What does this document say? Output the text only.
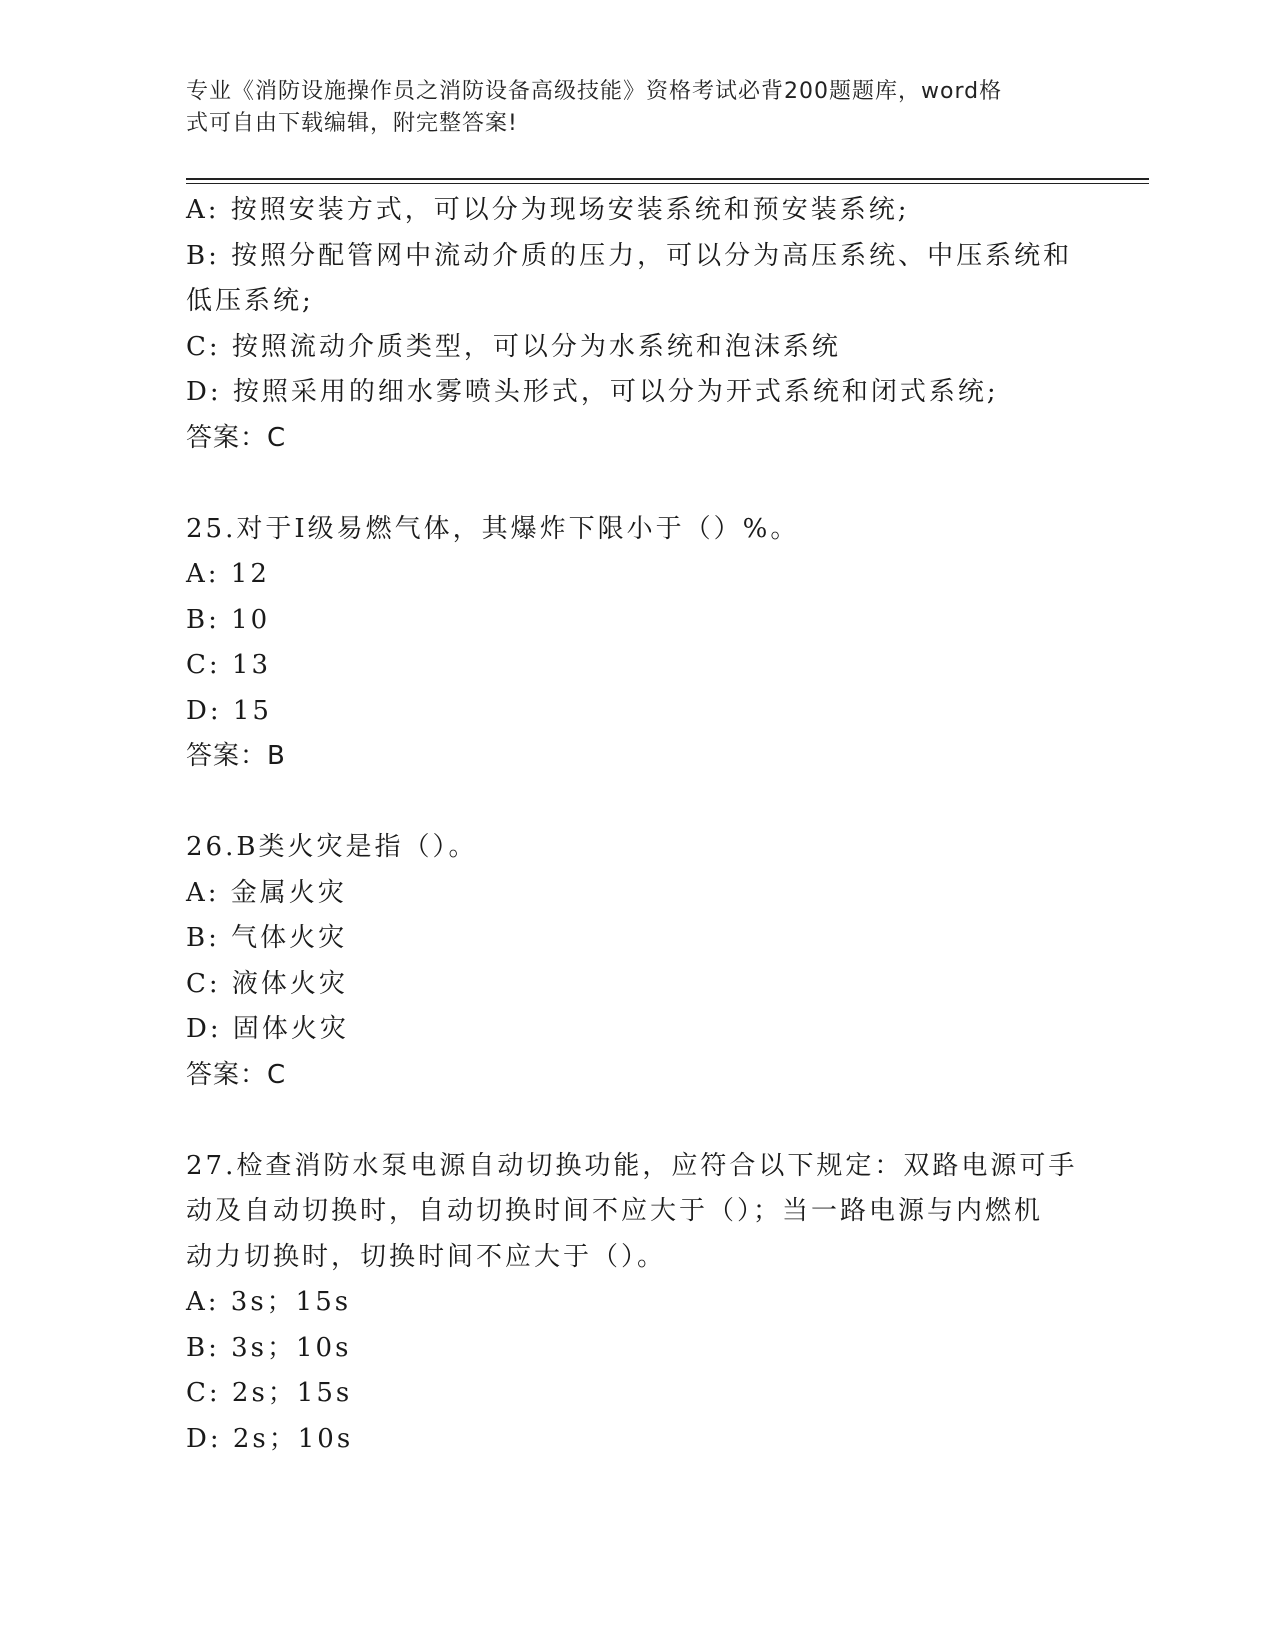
专业《消防设施操作员之消防设备高级技能》资格考试必背200题题库，word格
式可自由下载编辑，附完整答案!
A: 按照安装方式，可以分为现场安装系统和预安装系统;
B: 按照分配管网中流动介质的压力，可以分为高压系统、中压系统和
低压系统;
C: 按照流动介质类型，可以分为水系统和泡沫系统
D: 按照采用的细水雾喷头形式，可以分为开式系统和闭式系统;
答案：C
25.对于Ⅰ级易燃气体，其爆炸下限小于（）%。
A: 12
B: 10
C: 13
D: 15
答案：B
26.B类火灾是指（）。
A: 金属火灾
B: 气体火灾
C: 液体火灾
D: 固体火灾
答案：C
27.检查消防水泵电源自动切换功能，应符合以下规定：双路电源可手
动及自动切换时，自动切换时间不应大于（）；当一路电源与内燃机
动力切换时，切换时间不应大于（）。
A: 3s；15s
B: 3s；10s
C: 2s；15s
D: 2s；10s
